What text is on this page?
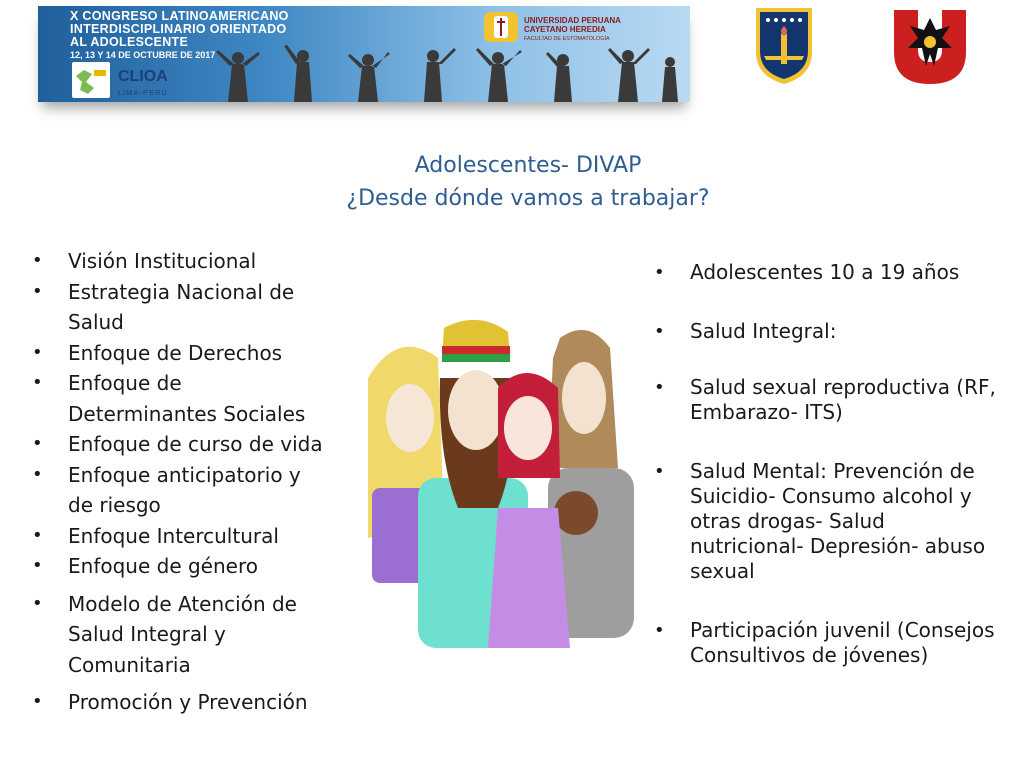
X CONGRESO LATINOAMERICANO
INTERDISCIPLINARIO ORIENTADO
AL ADOLESCENTE
12, 13 Y 14 DE OCTUBRE DE 2017
CLIOA
LIMA-PERÚ
UNIVERSIDAD PERUANA
CAYETANO HEREDIA
FACULTAD DE ESTOMATOLOGÍA
Adolescentes- DIVAP
¿Desde dónde vamos a trabajar?
• Visión Institucional
• Estrategia Nacional de Salud
• Enfoque de Derechos
• Enfoque de Determinantes Sociales
• Enfoque de curso de vida
• Enfoque anticipatorio y de riesgo
• Enfoque Intercultural
• Enfoque de género
• Modelo de Atención de Salud Integral y Comunitaria
• Promoción y Prevención
• Adolescentes 10 a 19 años
• Salud Integral:
• Salud sexual reproductiva (RF, Embarazo- ITS)
• Salud Mental: Prevención de Suicidio- Consumo alcohol y otras drogas- Salud nutricional- Depresión- abuso sexual
• Participación juvenil (Consejos Consultivos de jóvenes)
